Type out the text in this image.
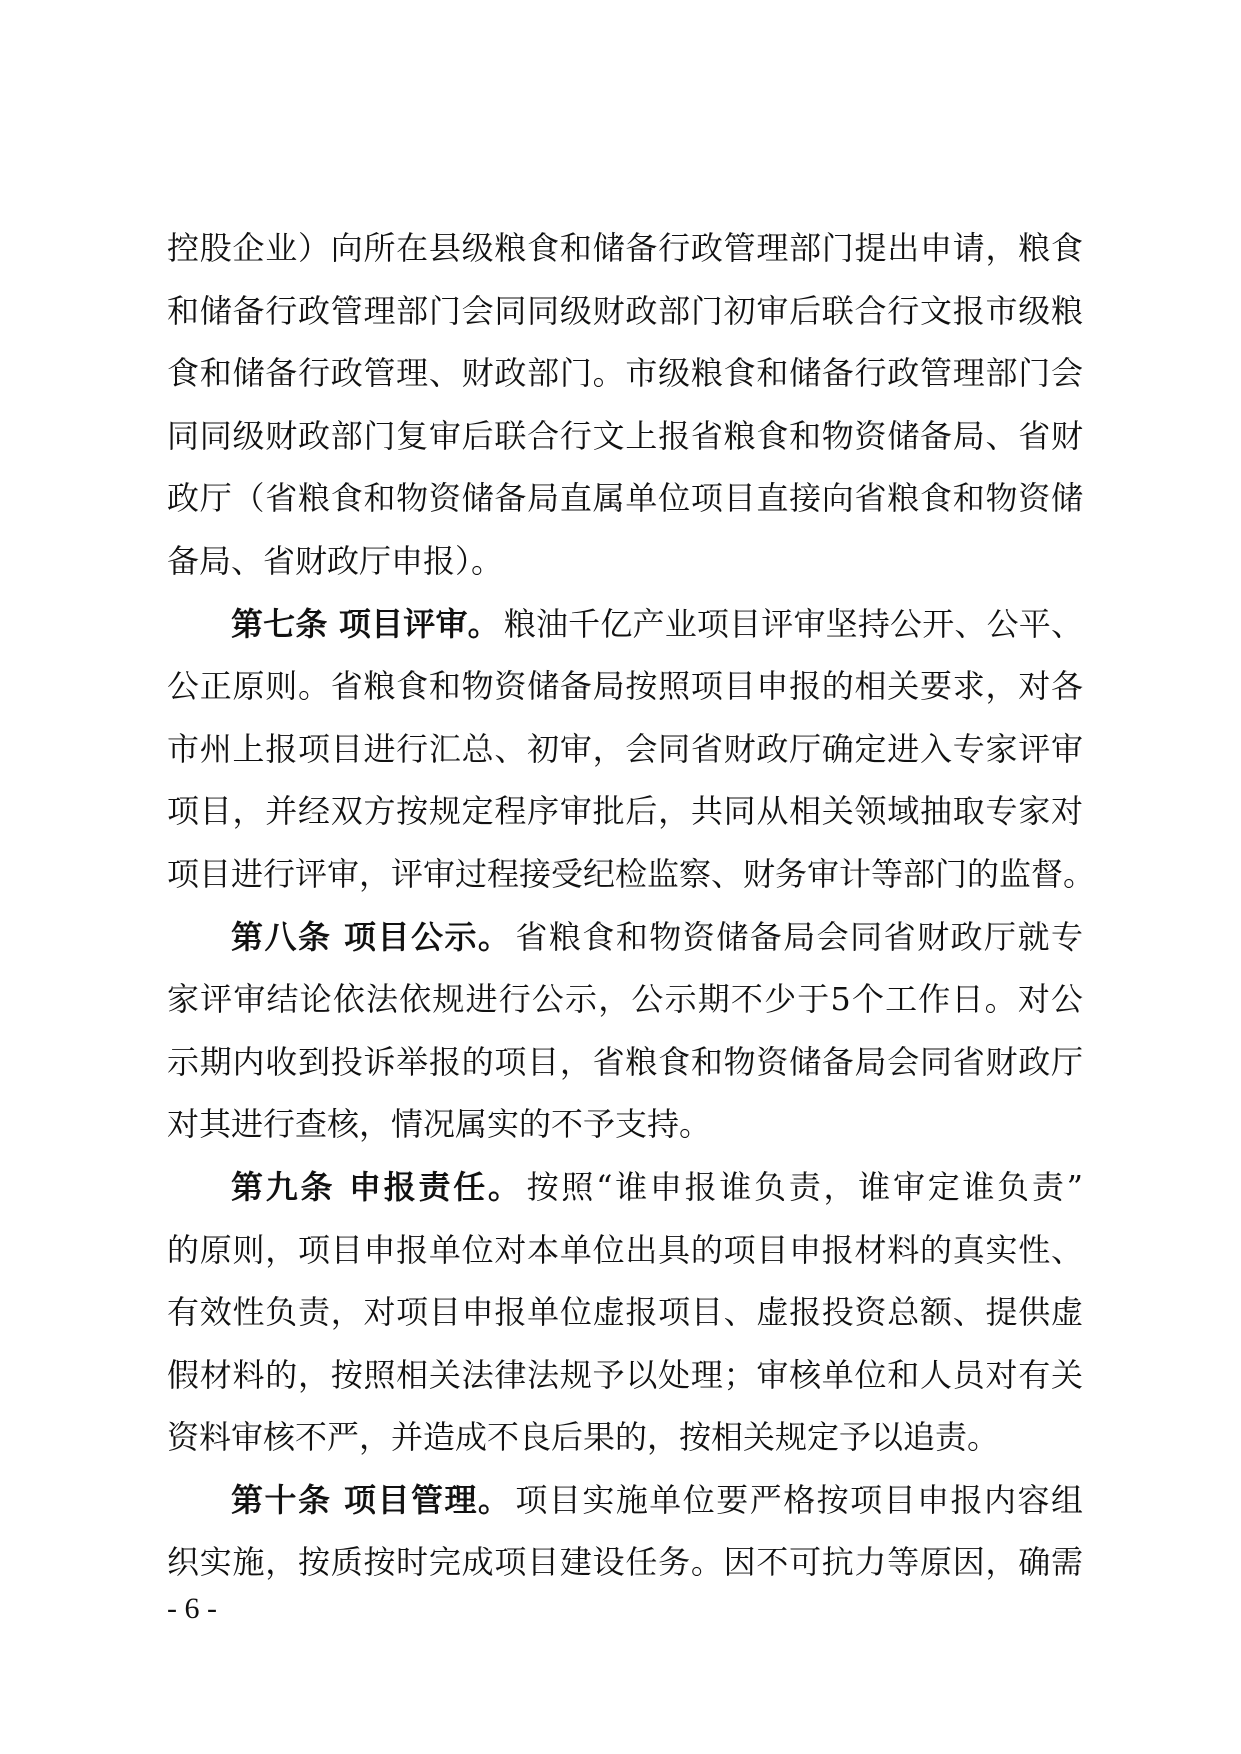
控股企业）向所在县级粮食和储备行政管理部门提出申请，粮食
和储备行政管理部门会同同级财政部门初审后联合行文报市级粮
食和储备行政管理、财政部门。市级粮食和储备行政管理部门会
同同级财政部门复审后联合行文上报省粮食和物资储备局、省财
政厅（省粮食和物资储备局直属单位项目直接向省粮食和物资储
备局、省财政厅申报）。
第七条 项目评审。 粮油千亿产业项目评审坚持公开、公平、
公正原则。省粮食和物资储备局按照项目申报的相关要求，对各
市州上报项目进行汇总、初审，会同省财政厅确定进入专家评审
项目，并经双方按规定程序审批后，共同从相关领域抽取专家对
项目进行评审，评审过程接受纪检监察、财务审计等部门的监督。
第八条 项目公示。 省粮食和物资储备局会同省财政厅就专
家评审结论依法依规进行公示，公示期不少于5个工作日。对公
示期内收到投诉举报的项目，省粮食和物资储备局会同省财政厅
对其进行查核，情况属实的不予支持。
第九条 申报责任。 按照“谁申报谁负责，谁审定谁负责”
的原则，项目申报单位对本单位出具的项目申报材料的真实性、
有效性负责，对项目申报单位虚报项目、虚报投资总额、提供虚
假材料的，按照相关法律法规予以处理；审核单位和人员对有关
资料审核不严，并造成不良后果的，按相关规定予以追责。
第十条 项目管理。 项目实施单位要严格按项目申报内容组
织实施，按质按时完成项目建设任务。因不可抗力等原因，确需
- 6 -
